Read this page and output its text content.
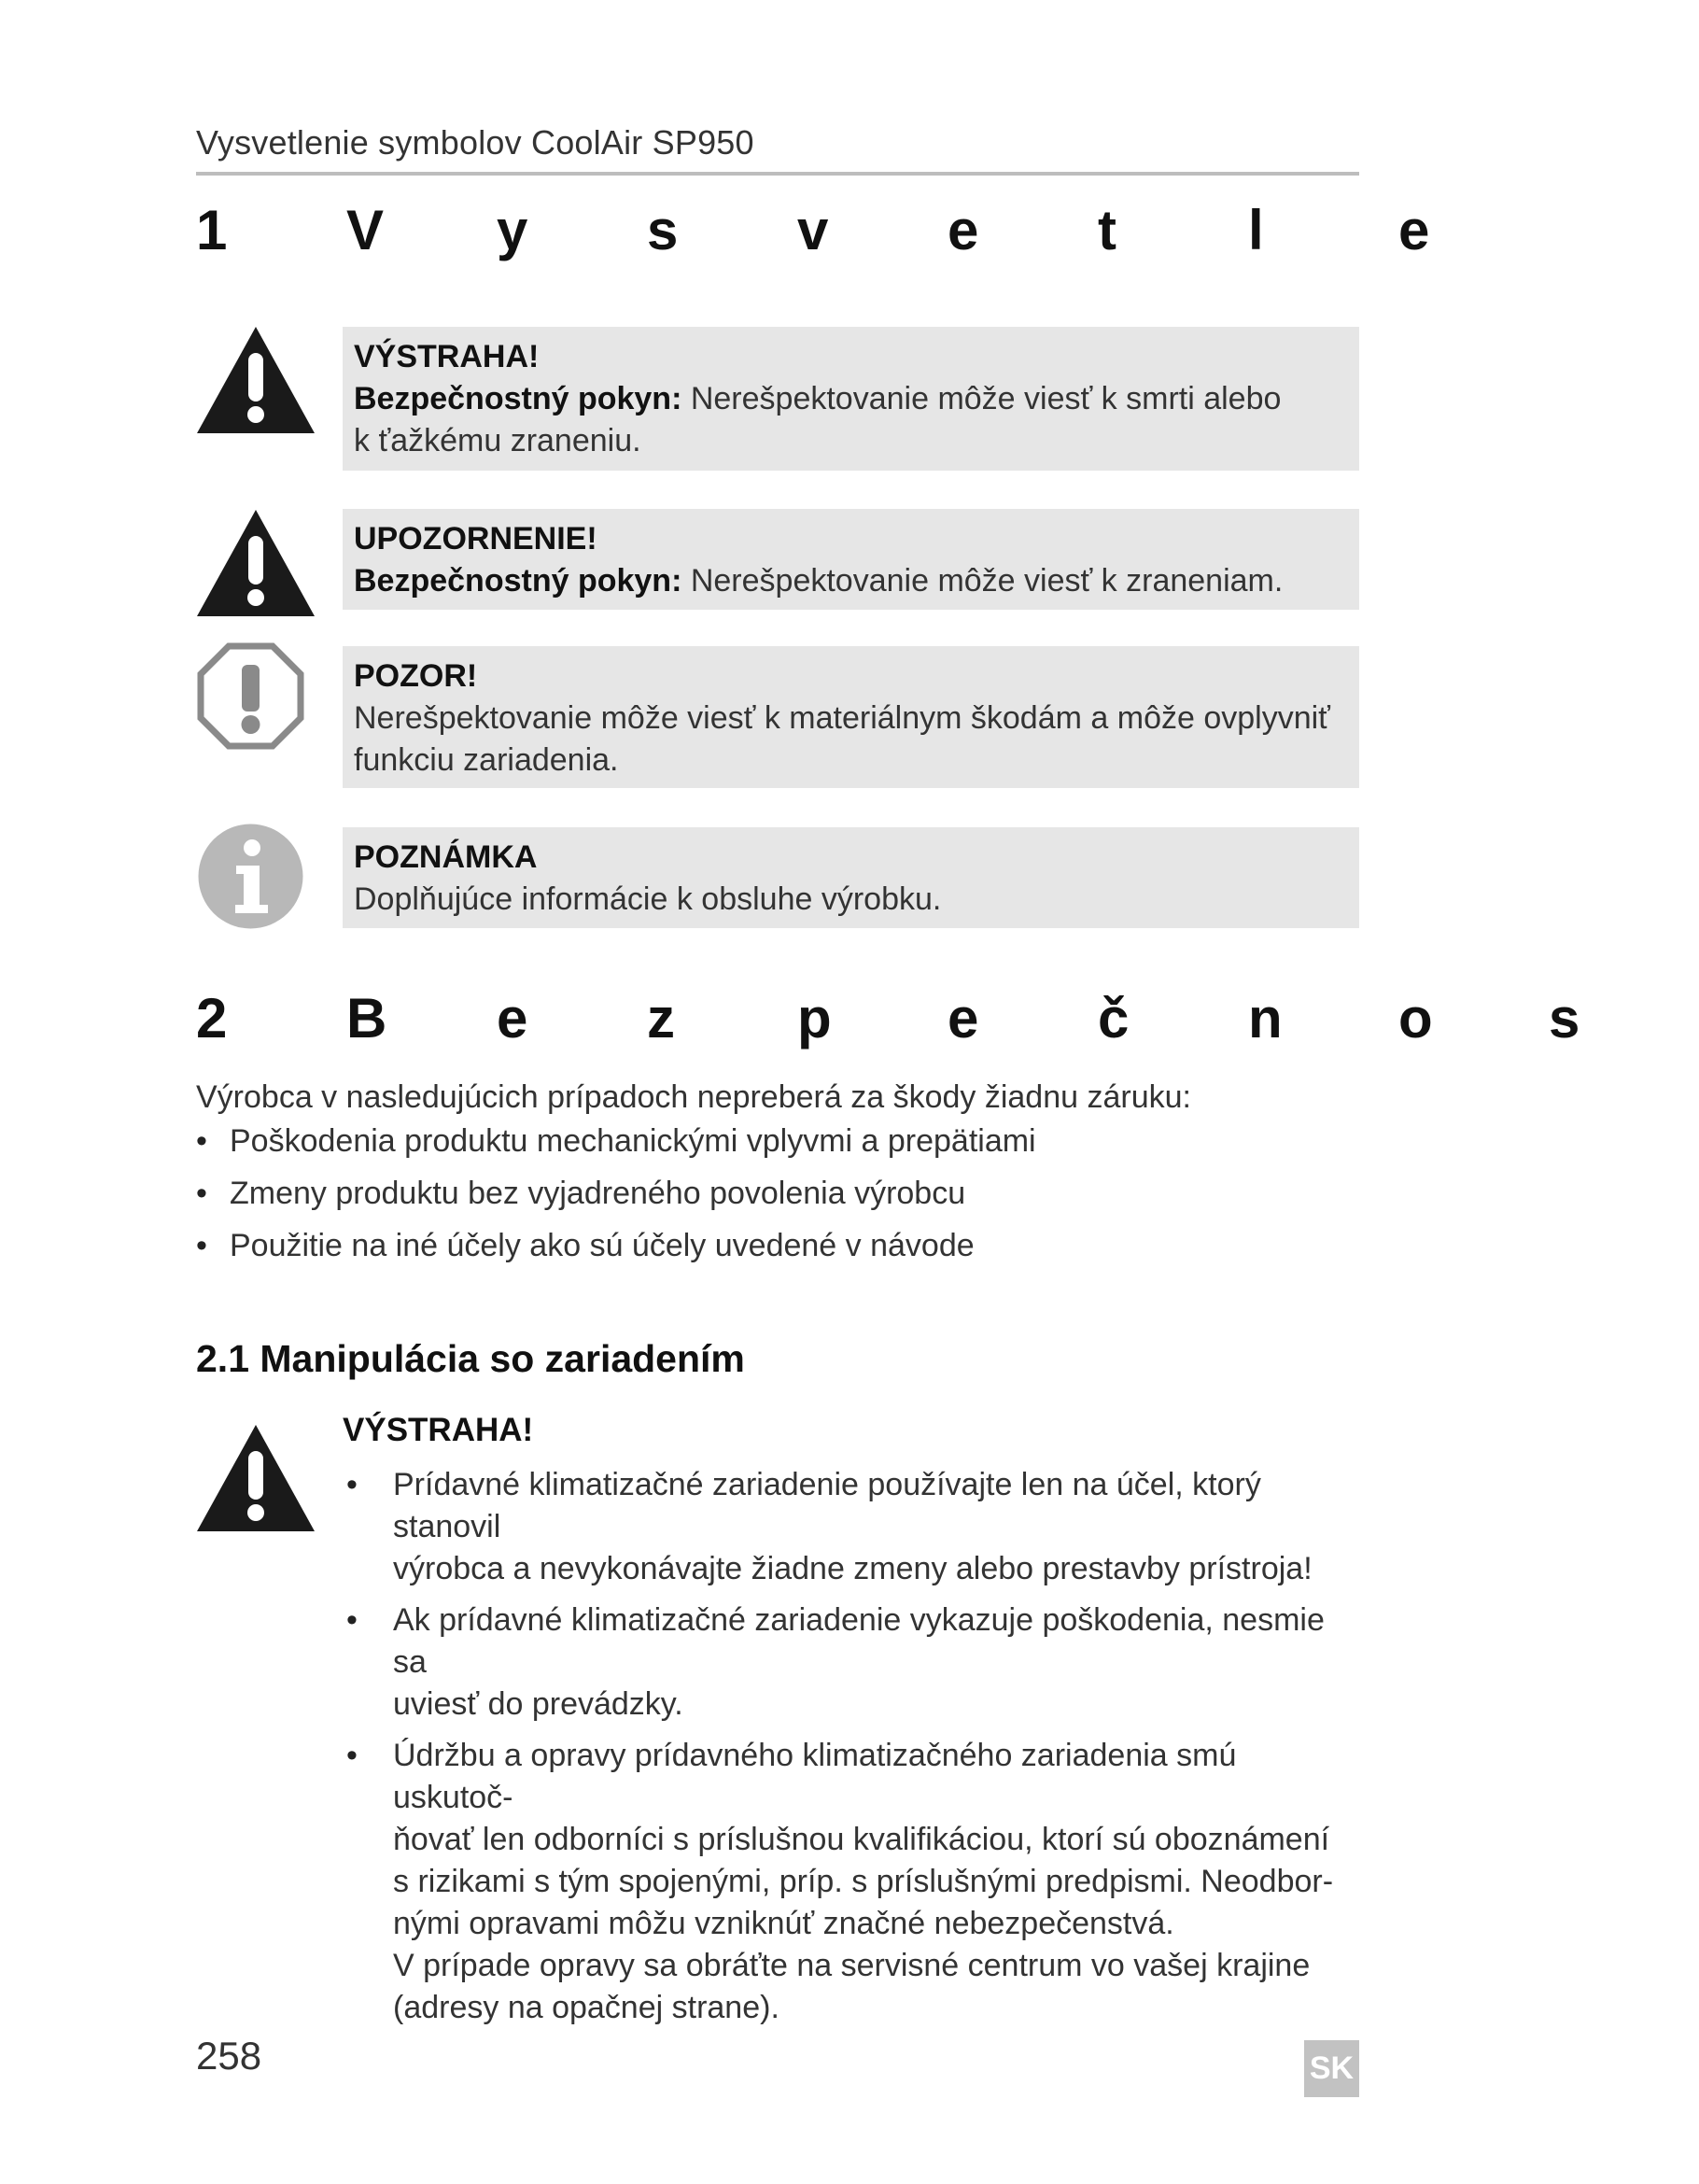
Vysvetlenie symbolov CoolAir SP950
1	V	y	s	v	e	t	l	e
VÝSTRAHA!
Bezpečnostný pokyn: Nerešpektovanie môže viesť k smrti alebo
k ťažkému zraneniu.
UPOZORNENIE!
Bezpečnostný pokyn: Nerešpektovanie môže viesť k zraneniam.
POZOR!
Nerešpektovanie môže viesť k materiálnym škodám a môže ovplyvniť
funkciu zariadenia.
POZNÁMKA
Doplňujúce informácie k obsluhe výrobku.
2	B	e	z	p	e	č	n	o	s
Výrobca v nasledujúcich prípadoch nepreberá za škody žiadnu záruku:
• Poškodenia produktu mechanickými vplyvmi a prepätiami
• Zmeny produktu bez vyjadreného povolenia výrobcu
• Použitie na iné účely ako sú účely uvedené v návode
2.1 Manipulácia so zariadením
VÝSTRAHA!
• Prídavné klimatizačné zariadenie používajte len na účel, ktorý stanovil
výrobca a nevykonávajte žiadne zmeny alebo prestavby prístroja!
• Ak prídavné klimatizačné zariadenie vykazuje poškodenia, nesmie sa
uviesť do prevádzky.
• Údržbu a opravy prídavného klimatizačného zariadenia smú uskutoč-
ňovať len odborníci s príslušnou kvalifikáciou, ktorí sú oboznámení
s rizikami s tým spojenými, príp. s príslušnými predpismi. Neodbor-
nými opravami môžu vzniknúť značné nebezpečenstvá.
V prípade opravy sa obráťte na servisné centrum vo vašej krajine
(adresy na opačnej strane).
258	SK
